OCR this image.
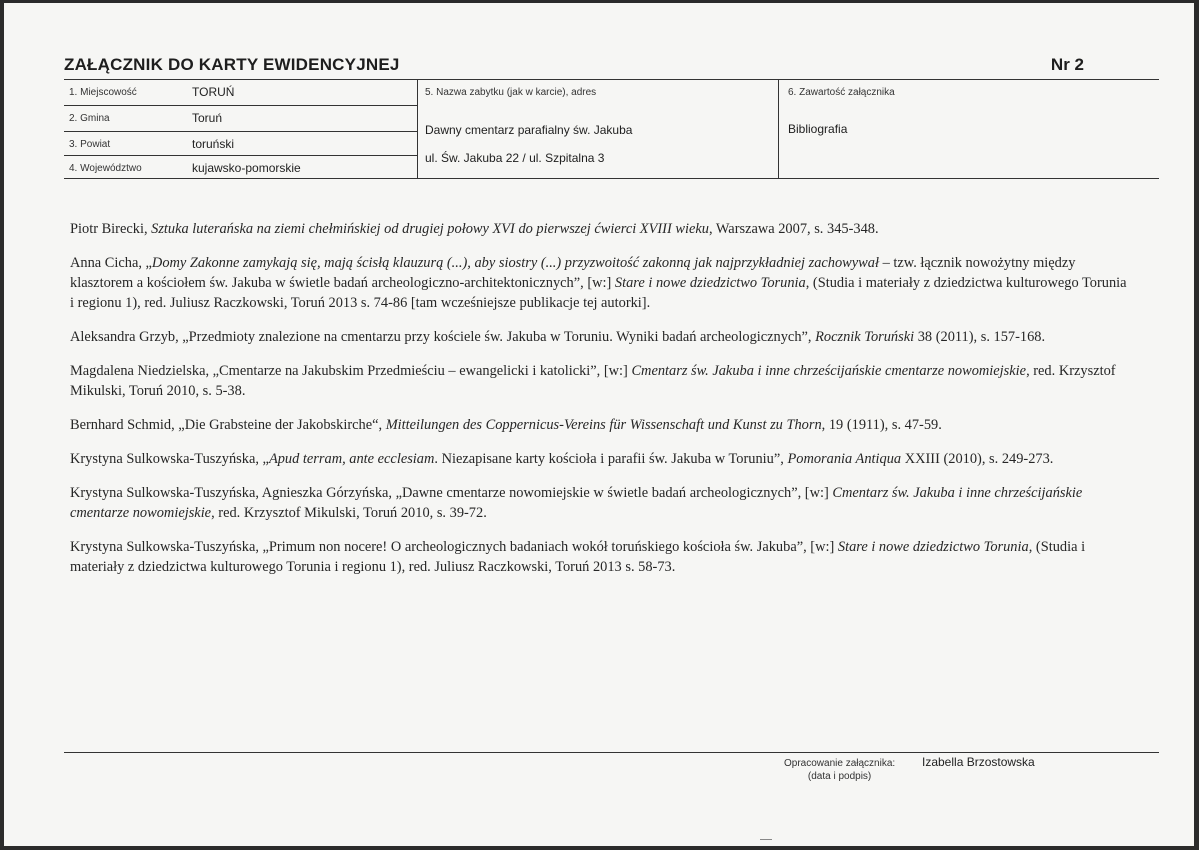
ZAŁĄCZNIK DO KARTY EWIDENCYJNEJ	Nr 2
1. Miejscowość	TORUŃ
2. Gmina	Toruń
3. Powiat	toruński
4. Województwo	kujawsko-pomorskie
5. Nazwa zabytku (jak w karcie), adres
Dawny cmentarz parafialny św. Jakuba
ul. Św. Jakuba 22 / ul. Szpitalna 3
6. Zawartość załącznika
Bibliografia

Piotr Birecki, Sztuka luterańska na ziemi chełmińskiej od drugiej połowy XVI do pierwszej ćwierci XVIII wieku, Warszawa 2007, s. 345-348.

Anna Cicha, „Domy Zakonne zamykają się, mają ścisłą klauzurą (...), aby siostry (...) przyzwoitość zakonną jak najprzykładniej zachowywał – tzw. łącznik nowożytny między klasztorem a kościołem św. Jakuba w świetle badań archeologiczno-architektonicznych”, [w:] Stare i nowe dziedzictwo Torunia, (Studia i materiały z dziedzictwa kulturowego Torunia i regionu 1), red. Juliusz Raczkowski, Toruń 2013 s. 74-86 [tam wcześniejsze publikacje tej autorki].

Aleksandra Grzyb, „Przedmioty znalezione na cmentarzu przy kościele św. Jakuba w Toruniu. Wyniki badań archeologicznych”, Rocznik Toruński 38 (2011), s. 157-168.

Magdalena Niedzielska, „Cmentarze na Jakubskim Przedmieściu – ewangelicki i katolicki”, [w:] Cmentarz św. Jakuba i inne chrześcijańskie cmentarze nowomiejskie, red. Krzysztof Mikulski, Toruń 2010, s. 5-38.

Bernhard Schmid, „Die Grabsteine der Jakobskirche“, Mitteilungen des Coppernicus-Vereins für Wissenschaft und Kunst zu Thorn, 19 (1911), s. 47-59.

Krystyna Sulkowska-Tuszyńska, „Apud terram, ante ecclesiam. Niezapisane karty kościoła i parafii św. Jakuba w Toruniu”, Pomorania Antiqua XXIII (2010), s. 249-273.

Krystyna Sulkowska-Tuszyńska, Agnieszka Górzyńska, „Dawne cmentarze nowomiejskie w świetle badań archeologicznych”, [w:] Cmentarz św. Jakuba i inne chrześcijańskie cmentarze nowomiejskie, red. Krzysztof Mikulski, Toruń 2010, s. 39-72.

Krystyna Sulkowska-Tuszyńska, „Primum non nocere! O archeologicznych badaniach wokół toruńskiego kościoła św. Jakuba”, [w:] Stare i nowe dziedzictwo Torunia, (Studia i materiały z dziedzictwa kulturowego Torunia i regionu 1), red. Juliusz Raczkowski, Toruń 2013 s. 58-73.

Opracowanie załącznika:
(data i podpis)
Izabella Brzostowska
